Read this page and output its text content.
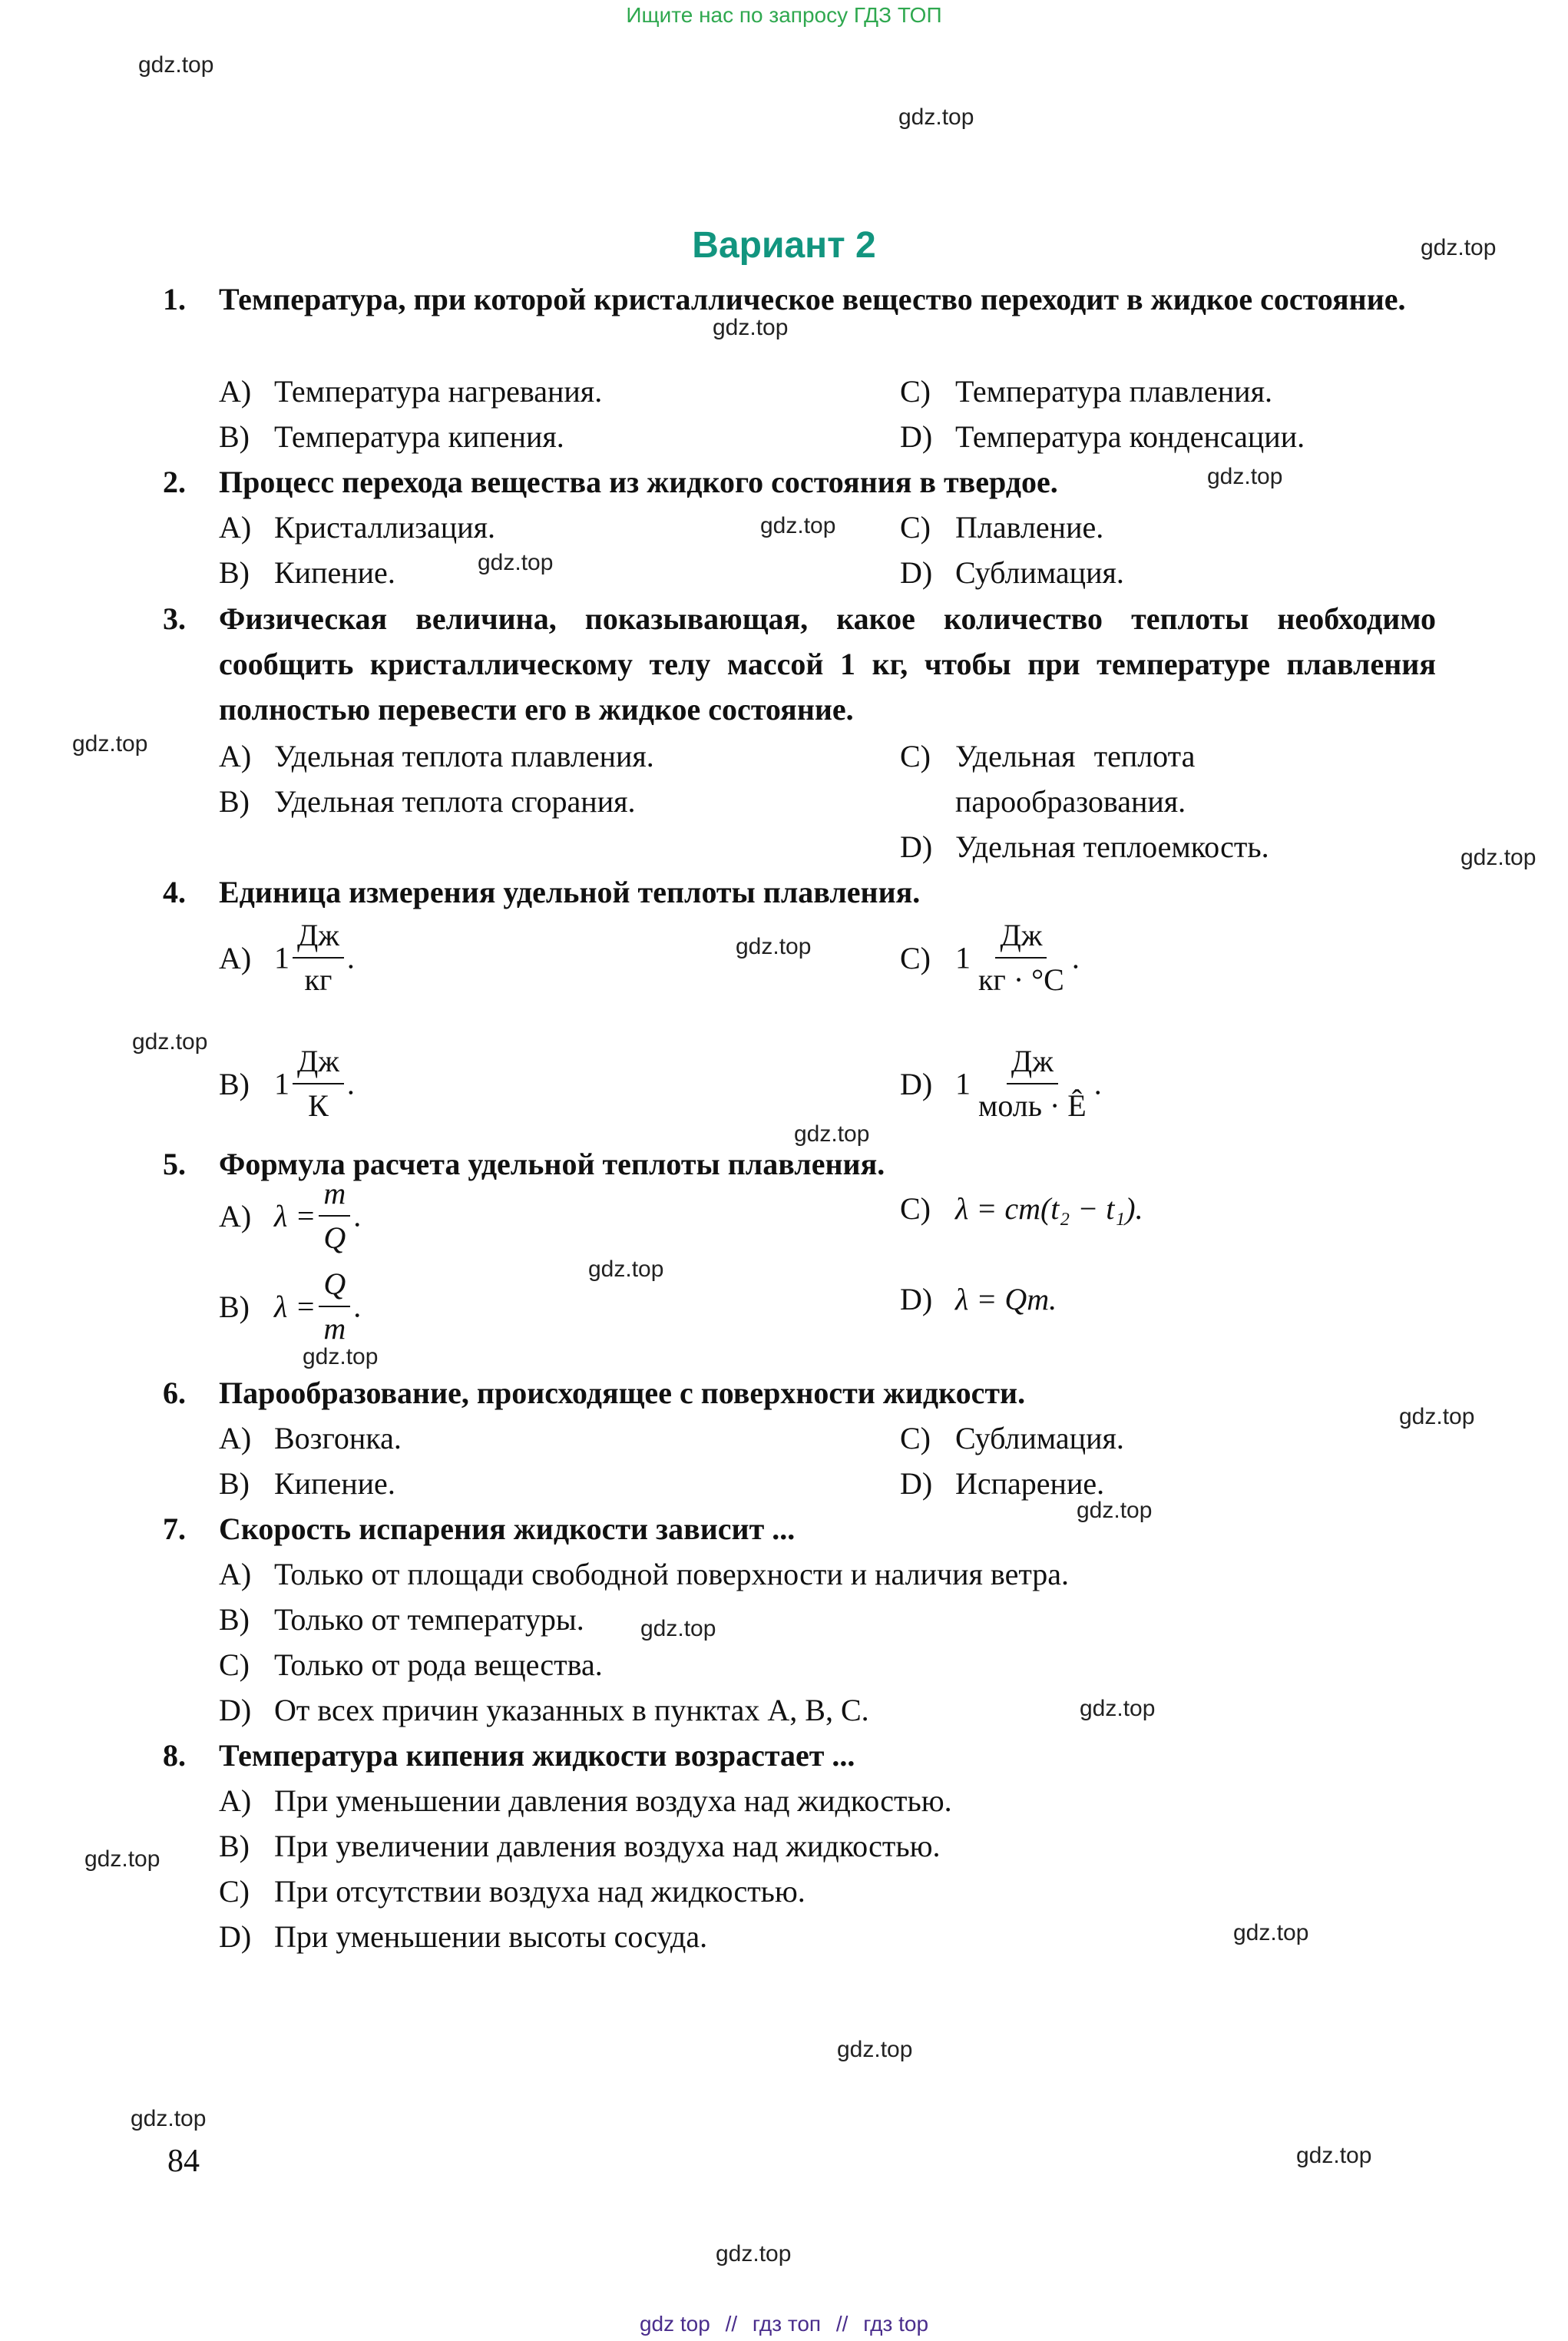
Ищите нас по запросу ГДЗ ТОП
gdz.top
gdz.top
gdz.top
gdz.top
gdz.top
gdz.top
gdz.top
gdz.top
gdz.top
gdz.top
gdz.top
gdz.top
gdz.top
gdz.top
gdz.top
gdz.top
gdz.top
gdz.top
gdz.top
gdz.top
gdz.top
gdz.top
gdz.top
gdz.top
Вариант 2
1. Температура, при которой кристаллическое вещество переходит в жидкое состояние.
A) Температура нагревания.
B) Температура кипения.
C) Температура плавления.
D) Температура конденсации.
2. Процесс перехода вещества из жидкого состояния в твердое.
A) Кристаллизация.
B) Кипение.
C) Плавление.
D) Сублимация.
3. Физическая величина, показывающая, какое количество теплоты необходимо сообщить кристаллическому телу массой 1 кг, чтобы при температуре плавления полностью перевести его в жидкое состояние.
A) Удельная теплота плавления.
B) Удельная теплота сгорания.
C) Удельная теплота парообразования.
D) Удельная теплоемкость.
4. Единица измерения удельной теплоты плавления.
A) $1 \frac{Дж}{кг}$ .
B) $1 \frac{Дж}{К}$ .
C) $1 \frac{Дж}{кг \cdot ^\circ С}$ .
D) $1 \frac{Дж}{\text{моль · Ê}}$ .
5. Формула расчета удельной теплоты плавления.
A) $\lambda = \frac{m}{Q}$ .
B) $\lambda = \frac{Q}{m}$ .
C) λ = cm(t₂ − t₁).
D) λ = Qm.
6. Парообразование, происходящее с поверхности жидкости.
A) Возгонка.
B) Кипение.
C) Сублимация.
D) Испарение.
7. Скорость испарения жидкости зависит ...
A) Только от площади свободной поверхности и наличия ветра.
B) Только от температуры.
C) Только от рода вещества.
D) От всех причин указанных в пунктах А, В, С.
8. Температура кипения жидкости возрастает ...
A) При уменьшении давления воздуха над жидкостью.
B) При увеличении давления воздуха над жидкостью.
C) При отсутствии воздуха над жидкостью.
D) При уменьшении высоты сосуда.
84
gdz top // гдз топ // гдз top
